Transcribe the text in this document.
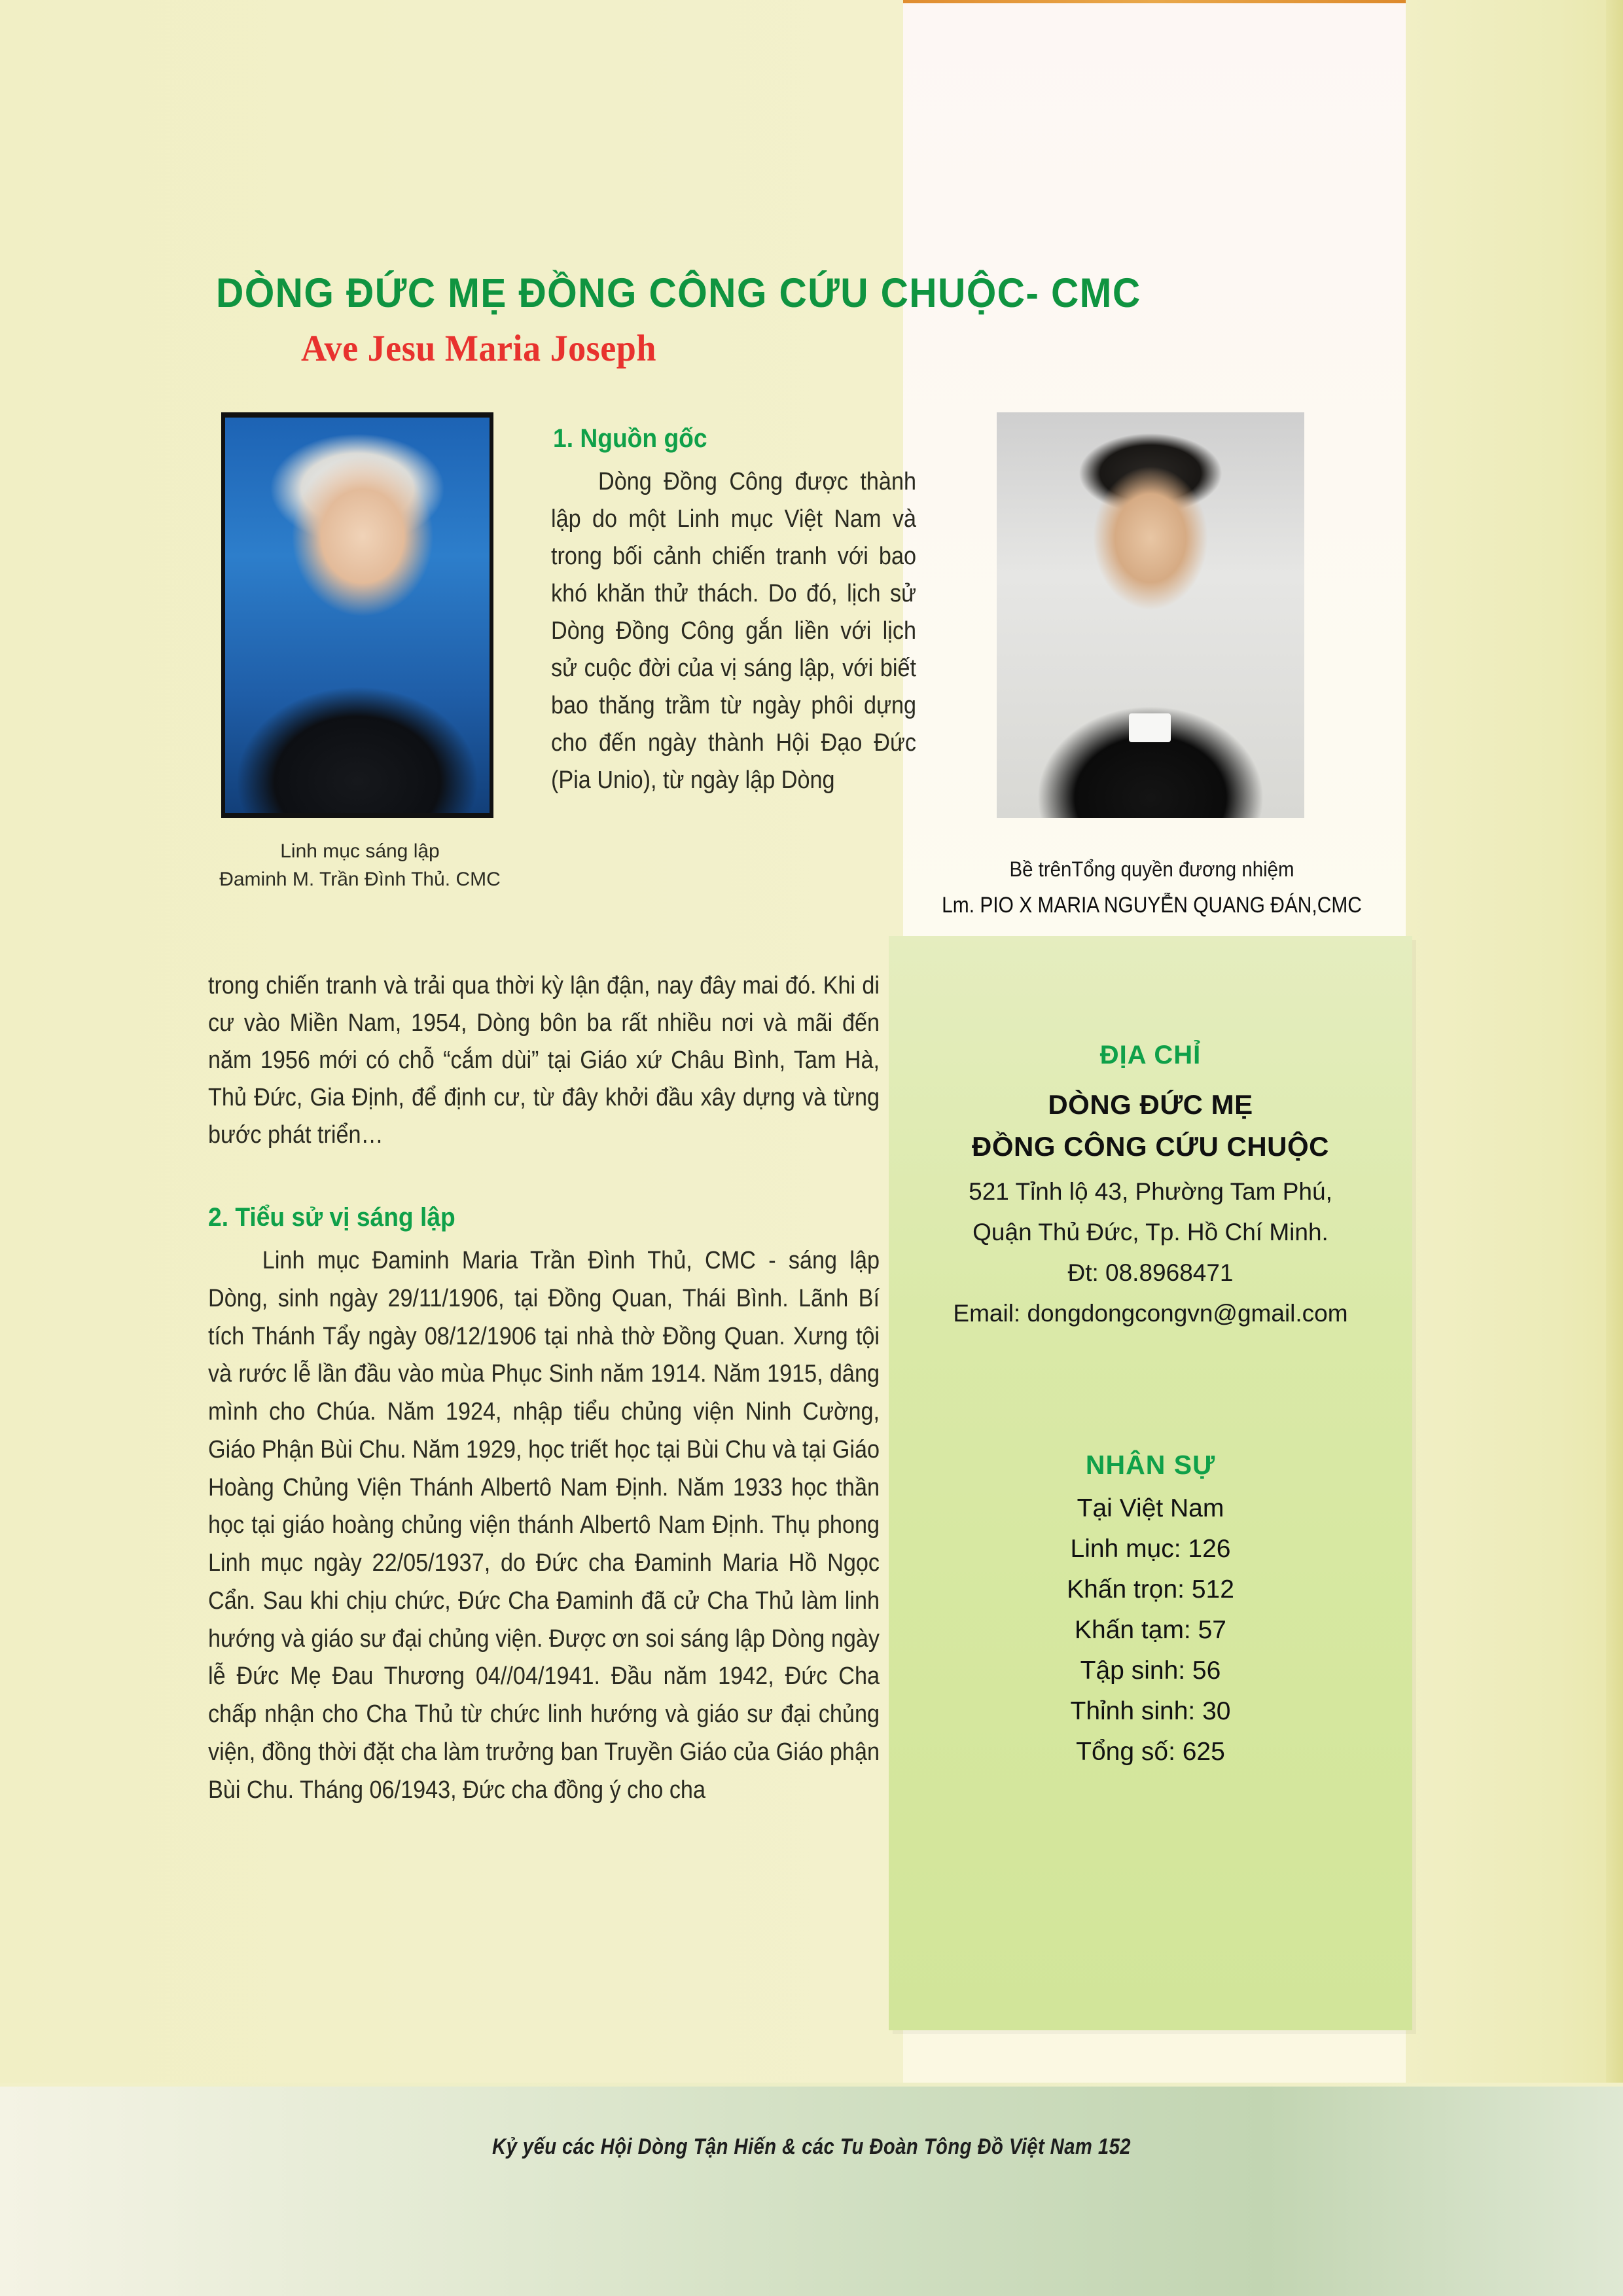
DÒNG ĐỨC MẸ ĐỒNG CÔNG CỨU CHUỘC- CMC
Ave Jesu Maria Joseph
Linh mục sáng lập
Đaminh M. Trần Đình Thủ. CMC	Bề trênTổng quyền đương nhiệm
Lm. PIO X MARIA NGUYỄN QUANG ĐÁN,CMC
1. Nguồn gốc
Dòng Đồng Công được thành lập do một Linh mục Việt Nam và trong bối cảnh chiến tranh với bao khó khăn thử thách. Do đó, lịch sử Dòng Đồng Công gắn liền với lịch sử cuộc đời của vị sáng lập, với biết bao thăng trầm từ ngày phôi dựng cho đến ngày thành Hội Đạo Đức (Pia Unio), từ ngày lập Dòng
trong chiến tranh và trải qua thời kỳ lận đận, nay đây mai đó. Khi di cư vào Miền Nam, 1954, Dòng bôn ba rất nhiều nơi và mãi đến năm 1956 mới có chỗ “cắm dùi” tại Giáo xứ Châu Bình, Tam Hà, Thủ Đức, Gia Định, để định cư, từ đây khởi đầu xây dựng và từng bước phát triển…
2. Tiểu sử vị sáng lập
Linh mục Đaminh Maria Trần Đình Thủ, CMC - sáng lập Dòng, sinh ngày 29/11/1906, tại Đồng Quan, Thái Bình. Lãnh Bí tích Thánh Tẩy ngày 08/12/1906 tại nhà thờ Đồng Quan. Xưng tội và rước lễ lần đầu vào mùa Phục Sinh năm 1914. Năm 1915, dâng mình cho Chúa. Năm 1924, nhập tiểu chủng viện Ninh Cường, Giáo Phận Bùi Chu. Năm 1929, học triết học tại Bùi Chu và tại Giáo Hoàng Chủng Viện Thánh Albertô Nam Định. Năm 1933 học thần học tại giáo hoàng chủng viện thánh Albertô Nam Định. Thụ phong Linh mục ngày 22/05/1937, do Đức cha Đaminh Maria Hồ Ngọc Cẩn. Sau khi chịu chức, Đức Cha Đaminh đã cử Cha Thủ làm linh hướng và giáo sư đại chủng viện. Được ơn soi sáng lập Dòng ngày lễ Đức Mẹ Đau Thương 04//04/1941. Đầu năm 1942, Đức Cha chấp nhận cho Cha Thủ từ chức linh hướng và giáo sư đại chủng viện, đồng thời đặt cha làm trưởng ban Truyền Giáo của Giáo phận Bùi Chu. Tháng 06/1943, Đức cha đồng ý cho cha
ĐỊA CHỈ
DÒNG ĐỨC MẸ
ĐỒNG CÔNG CỨU CHUỘC
521 Tỉnh lộ 43, Phường Tam Phú,
Quận Thủ Đức, Tp. Hồ Chí Minh.
Đt: 08.8968471
Email: dongdongcongvn@gmail.com
NHÂN SỰ
Tại Việt Nam
Linh mục: 126
Khấn trọn: 512
Khấn tạm: 57
Tập sinh: 56
Thỉnh sinh: 30
Tổng số: 625
Kỷ yếu các Hội Dòng Tận Hiến & các Tu Đoàn Tông Đồ Việt Nam 152
